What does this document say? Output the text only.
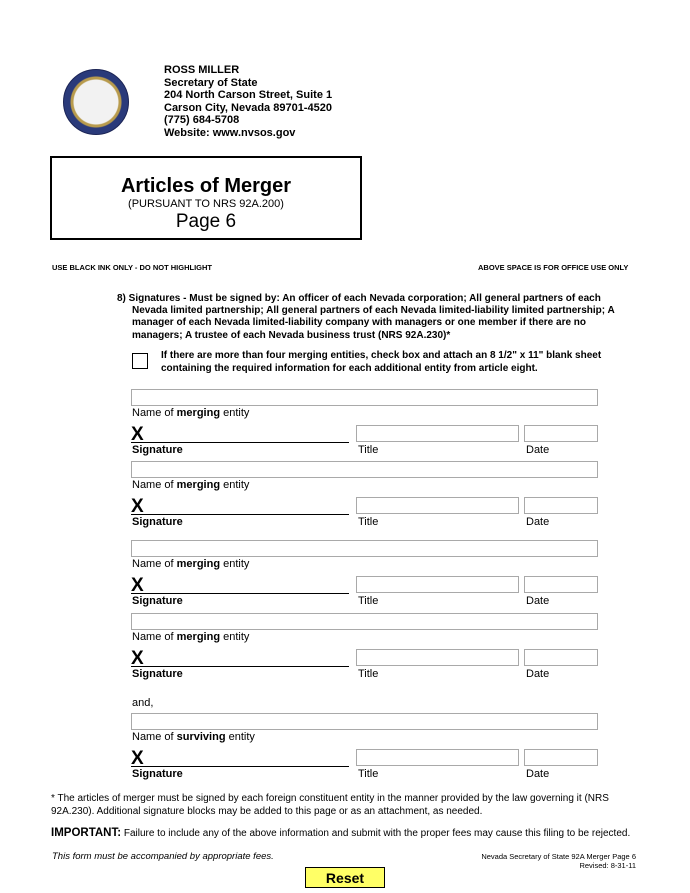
ROSS MILLER
Secretary of State
204 North Carson Street, Suite 1
Carson City, Nevada 89701-4520
(775) 684-5708
Website: www.nvsos.gov
Articles of Merger
(PURSUANT TO NRS 92A.200)
Page 6
USE BLACK INK ONLY - DO NOT HIGHLIGHT	ABOVE SPACE IS FOR OFFICE USE ONLY
8) Signatures - Must be signed by: An officer of each Nevada corporation; All general partners of each Nevada limited partnership; All general partners of each Nevada limited-liability limited partnership; A manager of each Nevada limited-liability company with managers or one member if there are no managers; A trustee of each Nevada business trust (NRS 92A.230)*
If there are more than four merging entities, check box and attach an 8 1/2" x 11" blank sheet containing the required information for each additional entity from article eight.
Name of merging entity
X
Signature	Title	Date
Name of merging entity
X
Signature	Title	Date
Name of merging entity
X
Signature	Title	Date
Name of merging entity
X
Signature	Title	Date
and,
Name of surviving entity
X
Signature	Title	Date
* The articles of merger must be signed by each foreign constituent entity in the manner provided by the law governing it (NRS 92A.230). Additional signature blocks may be added to this page or as an attachment, as needed.
IMPORTANT: Failure to include any of the above information and submit with the proper fees may cause this filing to be rejected.
This form must be accompanied by appropriate fees.	Nevada Secretary of State 92A Merger Page 6
Revised: 8-31-11
Reset
